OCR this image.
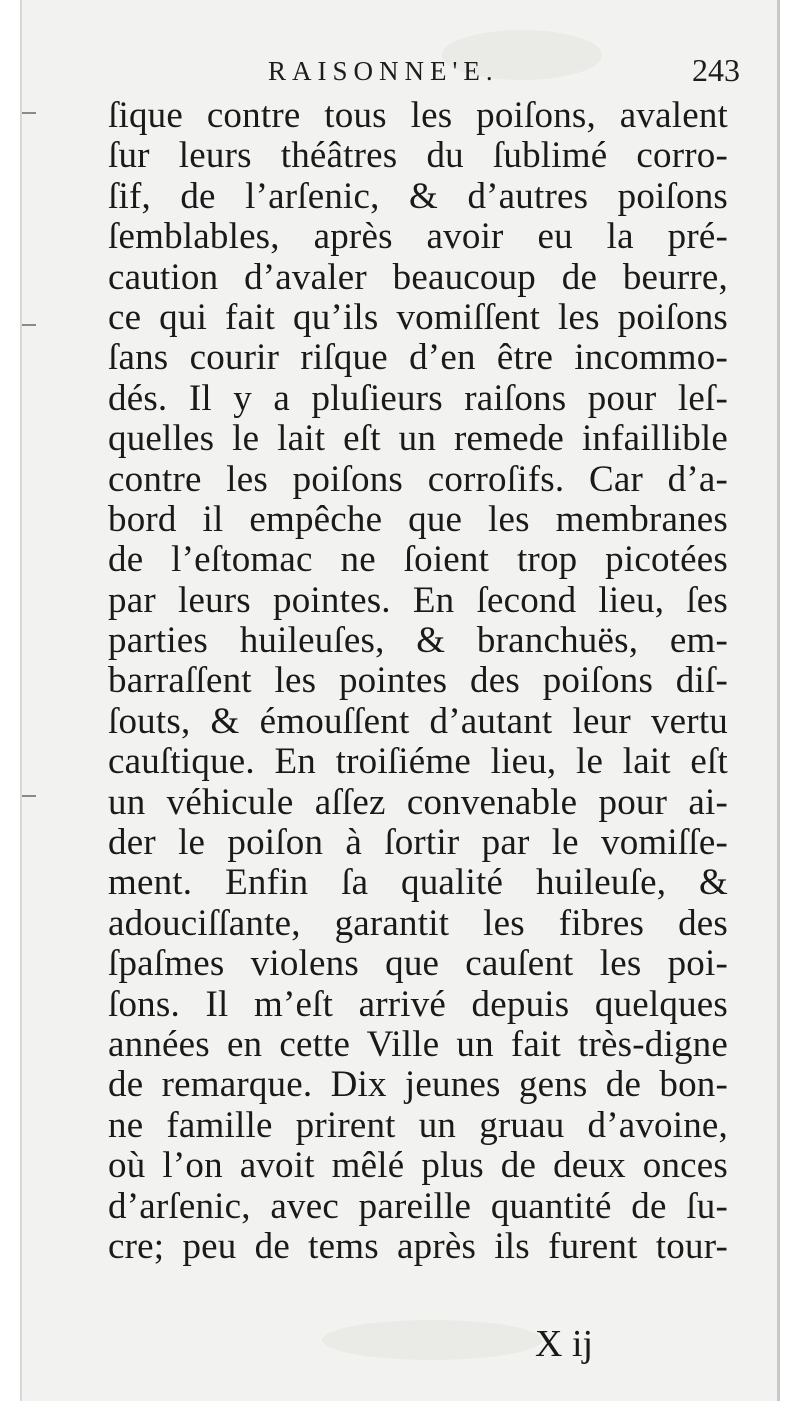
RAISONNE'E.	243
ſique contre tous les poiſons, avalent
ſur leurs théâtres du ſublimé corro-
ſif, de l’arſenic, & d’autres poiſons
ſemblables, après avoir eu la pré-
caution d’avaler beaucoup de beurre,
ce qui fait qu’ils vomiſſent les poiſons
ſans courir riſque d’en être incommo-
dés. Il y a pluſieurs raiſons pour leſ-
quelles le lait eſt un remede infaillible
contre les poiſons corroſifs. Car d’a-
bord il empêche que les membranes
de l’eſtomac ne ſoient trop picotées
par leurs pointes. En ſecond lieu, ſes
parties huileuſes, & branchuës, em-
barraſſent les pointes des poiſons diſ-
ſouts, & émouſſent d’autant leur vertu
cauſtique. En troiſiéme lieu, le lait eſt
un véhicule aſſez convenable pour ai-
der le poiſon à ſortir par le vomiſſe-
ment. Enfin ſa qualité huileuſe, &
adouciſſante, garantit les fibres des
ſpaſmes violens que cauſent les poi-
ſons. Il m’eſt arrivé depuis quelques
années en cette Ville un fait très-digne
de remarque. Dix jeunes gens de bon-
ne famille prirent un gruau d’avoine,
où l’on avoit mêlé plus de deux onces
d’arſenic, avec pareille quantité de ſu-
cre; peu de tems après ils furent tour-
X ij
